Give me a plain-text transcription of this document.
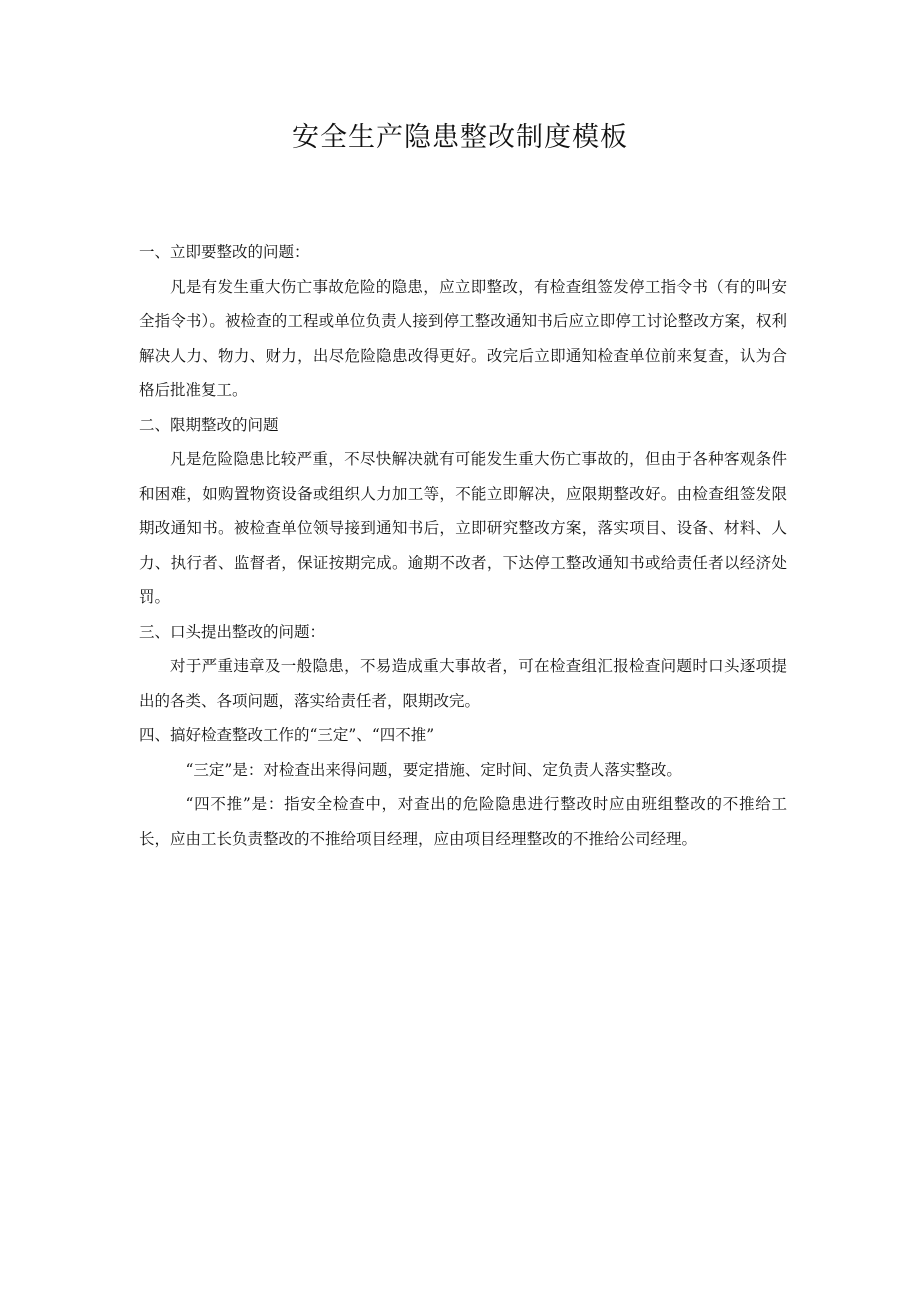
安全生产隐患整改制度模板

一、立即要整改的问题：

凡是有发生重大伤亡事故危险的隐患，应立即整改，有检查组签发停工指令书（有的叫安全指令书）。被检查的工程或单位负责人接到停工整改通知书后应立即停工讨论整改方案，权利解决人力、物力、财力，出尽危险隐患改得更好。改完后立即通知检查单位前来复查，认为合格后批准复工。

二、限期整改的问题

凡是危险隐患比较严重，不尽快解决就有可能发生重大伤亡事故的，但由于各种客观条件和困难，如购置物资设备或组织人力加工等，不能立即解决，应限期整改好。由检查组签发限期改通知书。被检查单位领导接到通知书后，立即研究整改方案，落实项目、设备、材料、人力、执行者、监督者，保证按期完成。逾期不改者，下达停工整改通知书或给责任者以经济处罚。

三、口头提出整改的问题：

对于严重违章及一般隐患，不易造成重大事故者，可在检查组汇报检查问题时口头逐项提出的各类、各项问题，落实给责任者，限期改完。

四、搞好检查整改工作的“三定”、“四不推”

“三定”是：对检查出来得问题，要定措施、定时间、定负责人落实整改。

“四不推”是：指安全检查中，对查出的危险隐患进行整改时应由班组整改的不推给工长，应由工长负责整改的不推给项目经理，应由项目经理整改的不推给公司经理。
